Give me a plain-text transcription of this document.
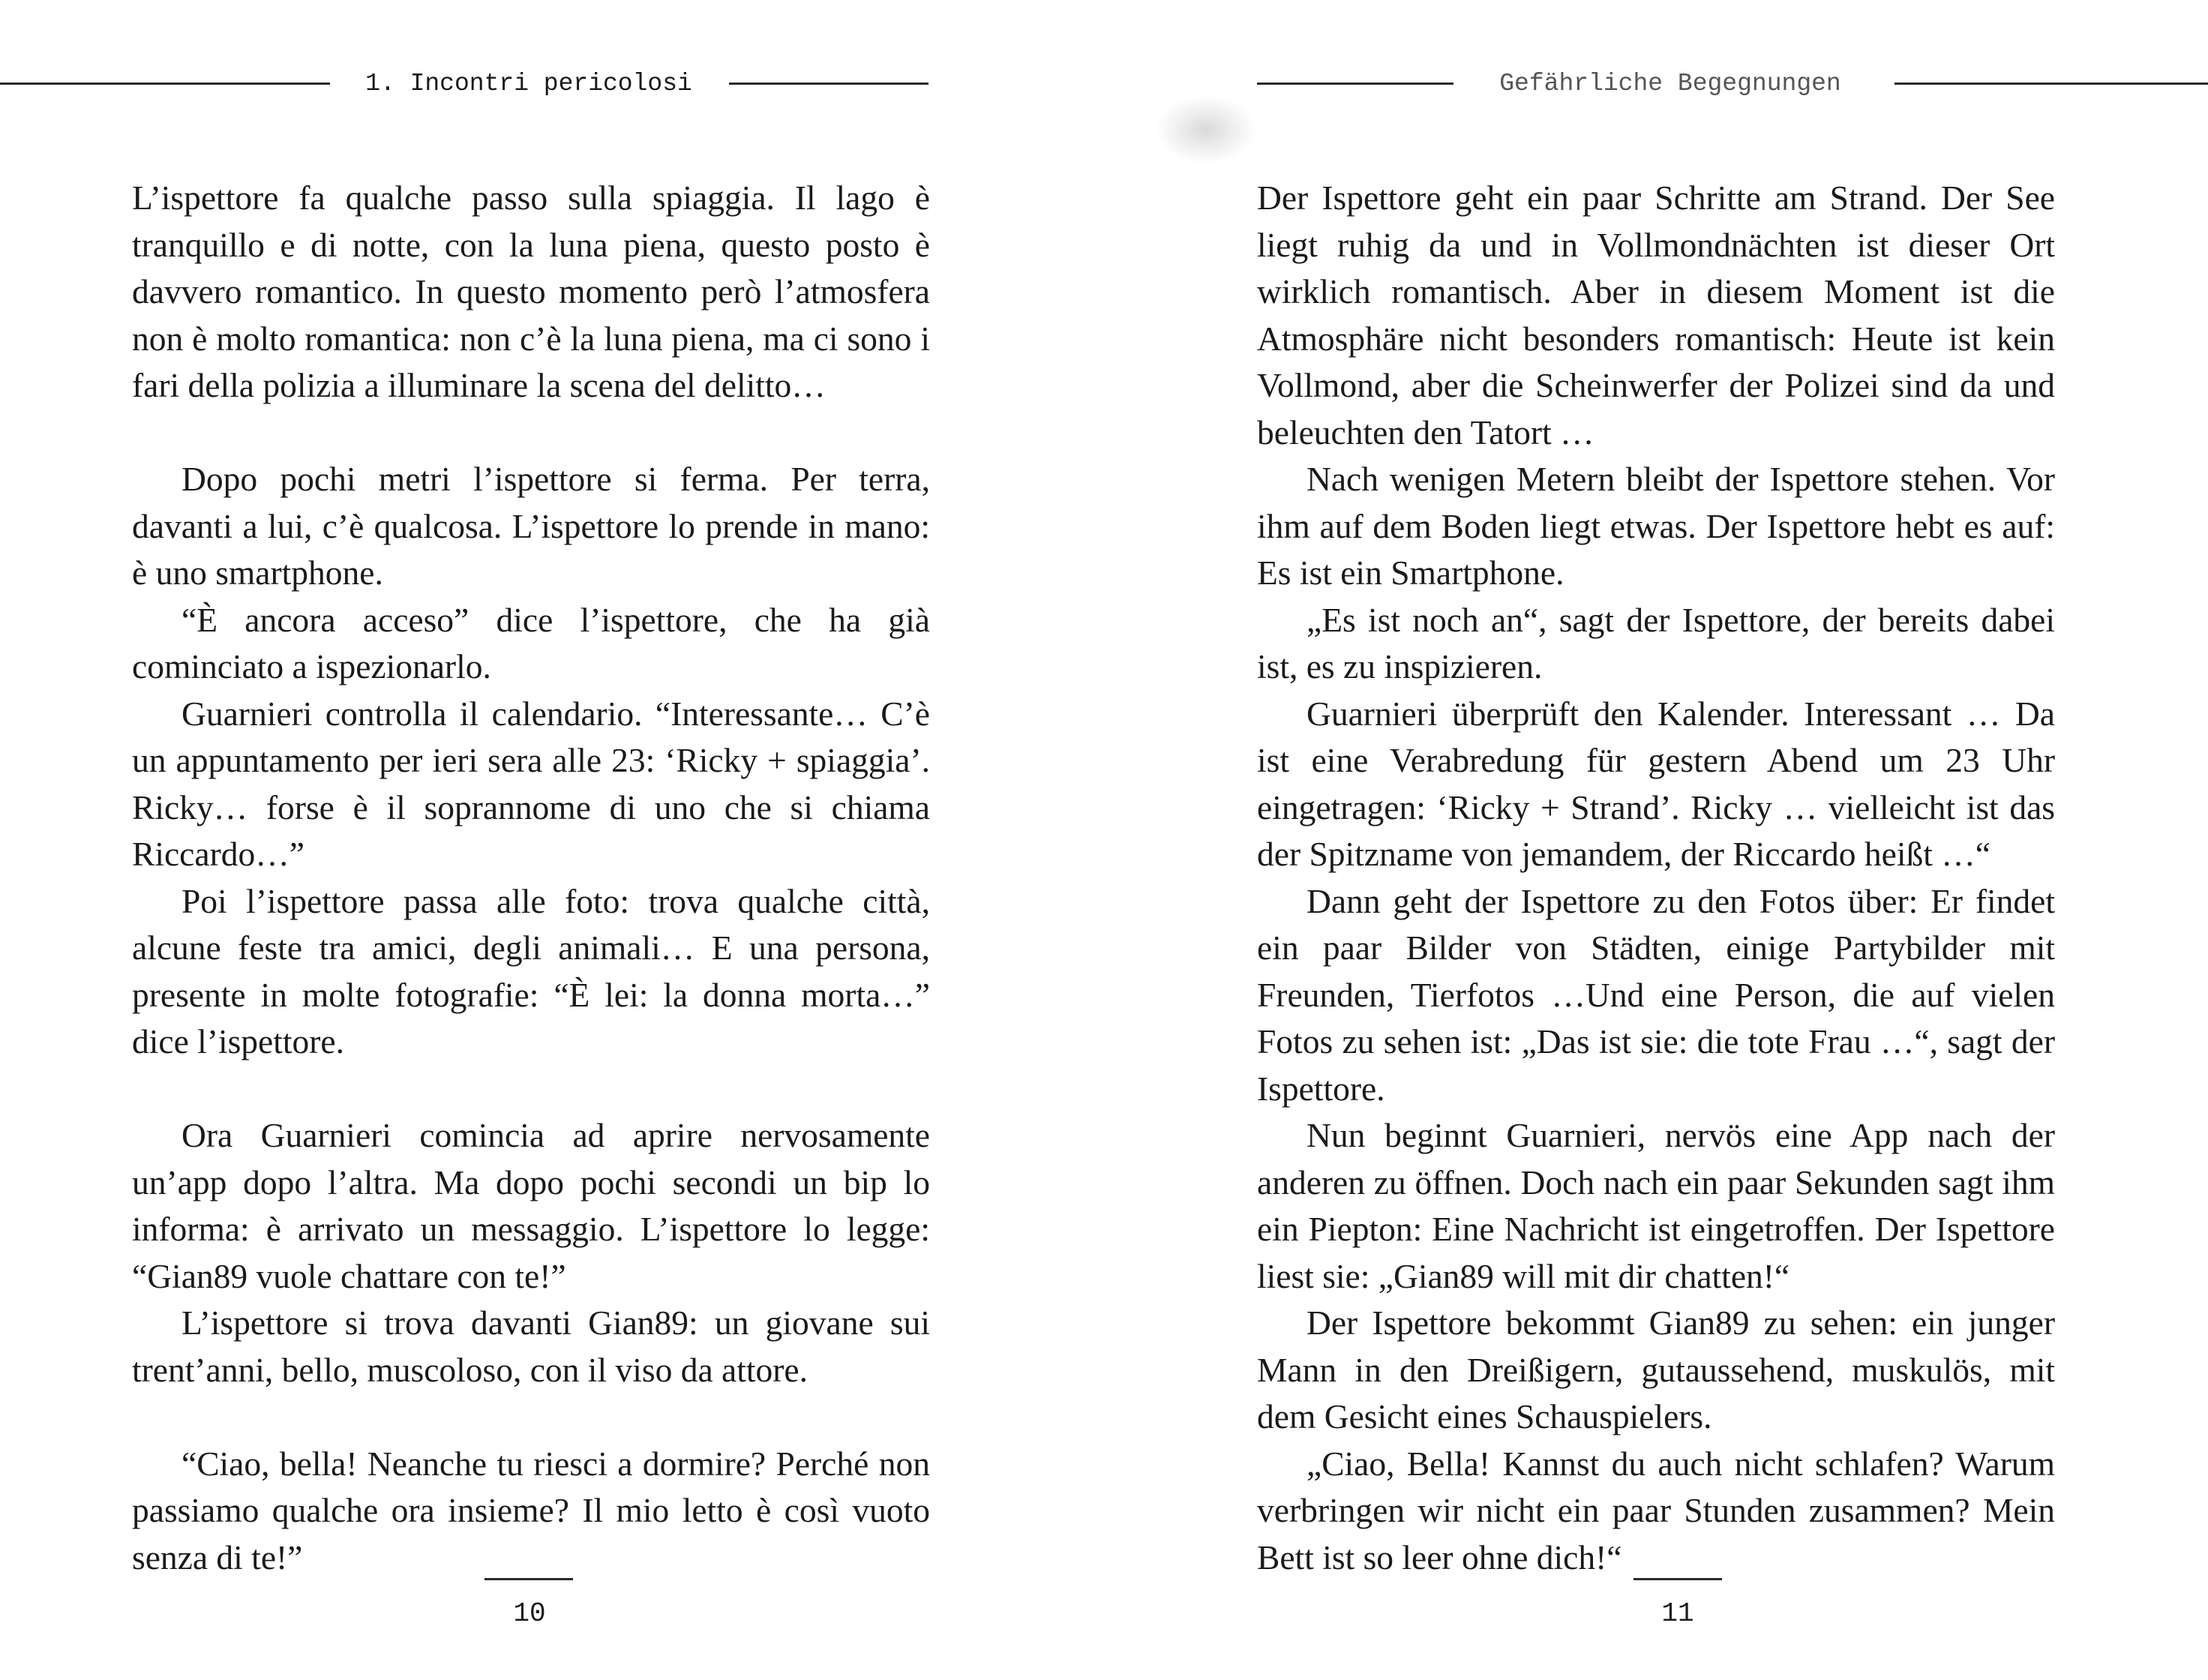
1. Incontri pericolosi

L’ispettore fa qualche passo sulla spiaggia. Il lago è tranquillo e di notte, con la luna piena, questo posto è davvero romantico. In questo momento però l’atmosfera non è molto romantica: non c’è la luna piena, ma ci sono i fari della polizia a illuminare la scena del delitto…

Dopo pochi metri l’ispettore si ferma. Per terra, davanti a lui, c’è qualcosa. L’ispettore lo prende in mano: è uno smartphone.

“È ancora acceso” dice l’ispettore, che ha già cominciato a ispezionarlo.

Guarnieri controlla il calendario. “Interessante… C’è un appuntamento per ieri sera alle 23: ‘Ricky + spiaggia’. Ricky… forse è il soprannome di uno che si chiama Riccardo…”

Poi l’ispettore passa alle foto: trova qualche città, alcune feste tra amici, degli animali… E una persona, presente in molte fotografie: “È lei: la donna morta…” dice l’ispettore.

Ora Guarnieri comincia ad aprire nervosamente un’app dopo l’altra. Ma dopo pochi secondi un bip lo informa: è arrivato un messaggio. L’ispettore lo legge: “Gian89 vuole chattare con te!”

L’ispettore si trova davanti Gian89: un giovane sui trent’anni, bello, muscoloso, con il viso da attore.

“Ciao, bella! Neanche tu riesci a dormire? Perché non passiamo qualche ora insieme? Il mio letto è così vuoto senza di te!”

10
Gefährliche Begegnungen

Der Ispettore geht ein paar Schritte am Strand. Der See liegt ruhig da und in Vollmondnächten ist dieser Ort wirklich romantisch. Aber in diesem Moment ist die Atmosphäre nicht besonders romantisch: Heute ist kein Vollmond, aber die Scheinwerfer der Polizei sind da und beleuchten den Tatort …

Nach wenigen Metern bleibt der Ispettore stehen. Vor ihm auf dem Boden liegt etwas. Der Ispettore hebt es auf: Es ist ein Smartphone.

„Es ist noch an“, sagt der Ispettore, der bereits dabei ist, es zu inspizieren.

Guarnieri überprüft den Kalender. Interessant … Da ist eine Verabredung für gestern Abend um 23 Uhr eingetragen: ‘Ricky + Strand’. Ricky … vielleicht ist das der Spitzname von jemandem, der Riccardo heißt …“

Dann geht der Ispettore zu den Fotos über: Er findet ein paar Bilder von Städten, einige Partybilder mit Freunden, Tierfotos …Und eine Person, die auf vielen Fotos zu sehen ist: „Das ist sie: die tote Frau …“, sagt der Ispettore.

Nun beginnt Guarnieri, nervös eine App nach der anderen zu öffnen. Doch nach ein paar Sekunden sagt ihm ein Piepton: Eine Nachricht ist eingetroffen. Der Ispettore liest sie: „Gian89 will mit dir chatten!“

Der Ispettore bekommt Gian89 zu sehen: ein junger Mann in den Dreißigern, gutaussehend, muskulös, mit dem Gesicht eines Schauspielers.

„Ciao, Bella! Kannst du auch nicht schlafen? Warum verbringen wir nicht ein paar Stunden zusammen? Mein Bett ist so leer ohne dich!“

11
